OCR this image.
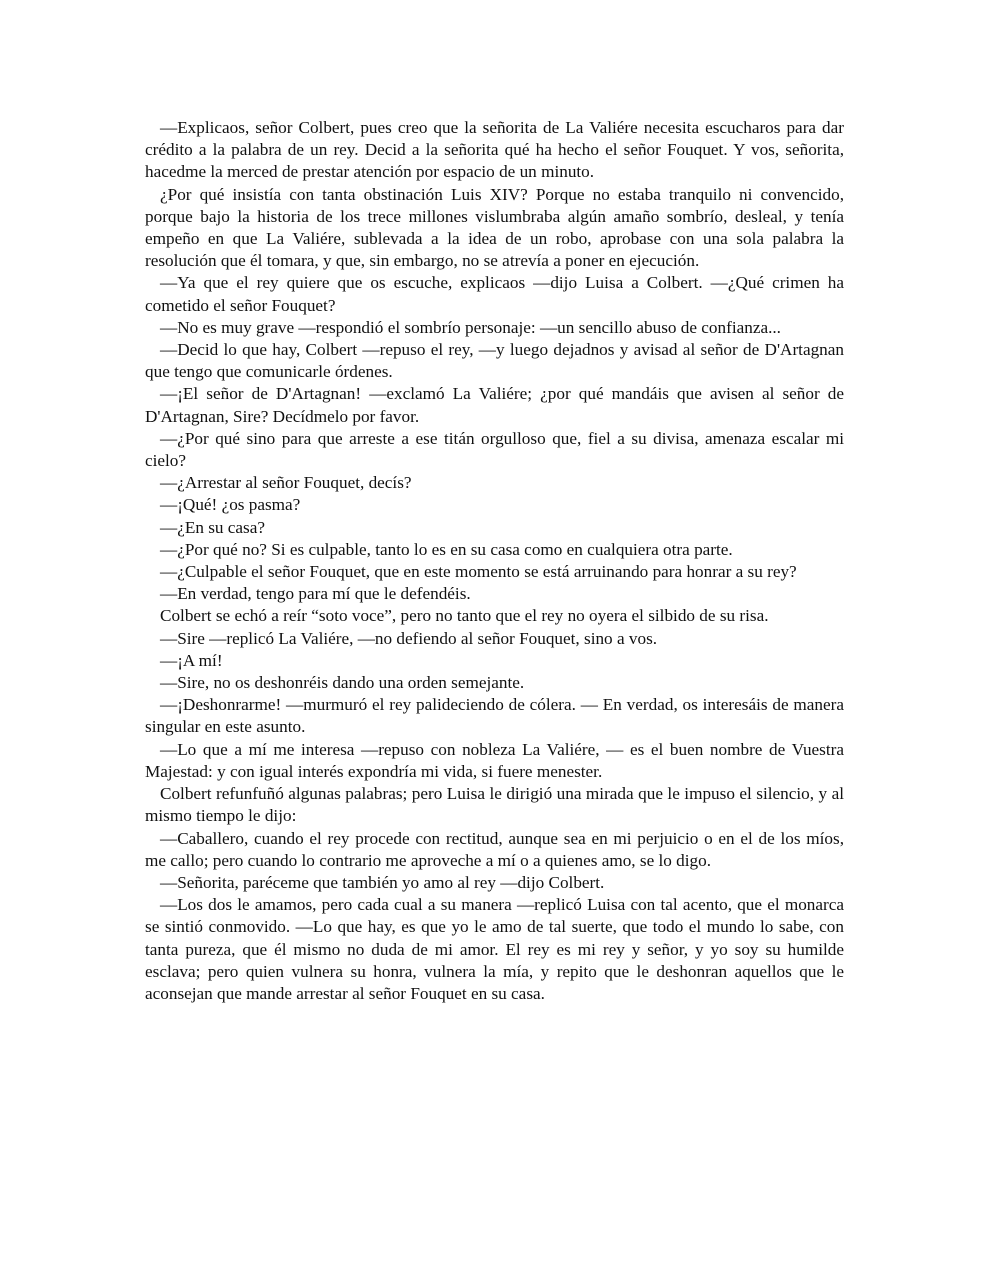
—Explicaos, señor Colbert, pues creo que la señorita de La Valiére necesita escucharos para dar crédito a la palabra de un rey. Decid a la señorita qué ha hecho el señor Fouquet. Y vos, señorita, hacedme la merced de prestar atención por espacio de un minuto.

¿Por qué insistía con tanta obstinación Luis XIV? Porque no estaba tranquilo ni convencido, porque bajo la historia de los trece millones vislumbraba algún amaño sombrío, desleal, y tenía empeño en que La Valiére, sublevada a la idea de un robo, aprobase con una sola palabra la resolución que él tomara, y que, sin embargo, no se atrevía a poner en ejecución.

—Ya que el rey quiere que os escuche, explicaos —dijo Luisa a Colbert. —¿Qué crimen ha cometido el señor Fouquet?

—No es muy grave —respondió el sombrío personaje: —un sencillo abuso de confianza...

—Decid lo que hay, Colbert —repuso el rey, —y luego dejadnos y avisad al señor de D'Artagnan que tengo que comunicarle órdenes.

—¡El señor de D'Artagnan! —exclamó La Valiére; ¿por qué mandáis que avisen al señor de D'Artagnan, Sire? Decídmelo por favor.

—¿Por qué sino para que arreste a ese titán orgulloso que, fiel a su divisa, amenaza escalar mi cielo?

—¿Arrestar al señor Fouquet, decís?

—¡Qué! ¿os pasma?

—¿En su casa?

—¿Por qué no? Si es culpable, tanto lo es en su casa como en cualquiera otra parte.

—¿Culpable el señor Fouquet, que en este momento se está arruinando para honrar a su rey?

—En verdad, tengo para mí que le defendéis.

Colbert se echó a reír “soto voce”, pero no tanto que el rey no oyera el silbido de su risa.

—Sire —replicó La Valiére, —no defiendo al señor Fouquet, sino a vos.

—¡A mí!

—Sire, no os deshonréis dando una orden semejante.

—¡Deshonrarme! —murmuró el rey palideciendo de cólera. — En verdad, os interesáis de manera singular en este asunto.

—Lo que a mí me interesa —repuso con nobleza La Valiére, — es el buen nombre de Vuestra Majestad: y con igual interés expondría mi vida, si fuere menester.

Colbert refunfuñó algunas palabras; pero Luisa le dirigió una mirada que le impuso el silencio, y al mismo tiempo le dijo:

—Caballero, cuando el rey procede con rectitud, aunque sea en mi perjuicio o en el de los míos, me callo; pero cuando lo contrario me aproveche a mí o a quienes amo, se lo digo.

—Señorita, paréceme que también yo amo al rey —dijo Colbert.

—Los dos le amamos, pero cada cual a su manera —replicó Luisa con tal acento, que el monarca se sintió conmovido. —Lo que hay, es que yo le amo de tal suerte, que todo el mundo lo sabe, con tanta pureza, que él mismo no duda de mi amor. El rey es mi rey y señor, y yo soy su humilde esclava; pero quien vulnera su honra, vulnera la mía, y repito que le deshonran aquellos que le aconsejan que mande arrestar al señor Fouquet en su casa.
